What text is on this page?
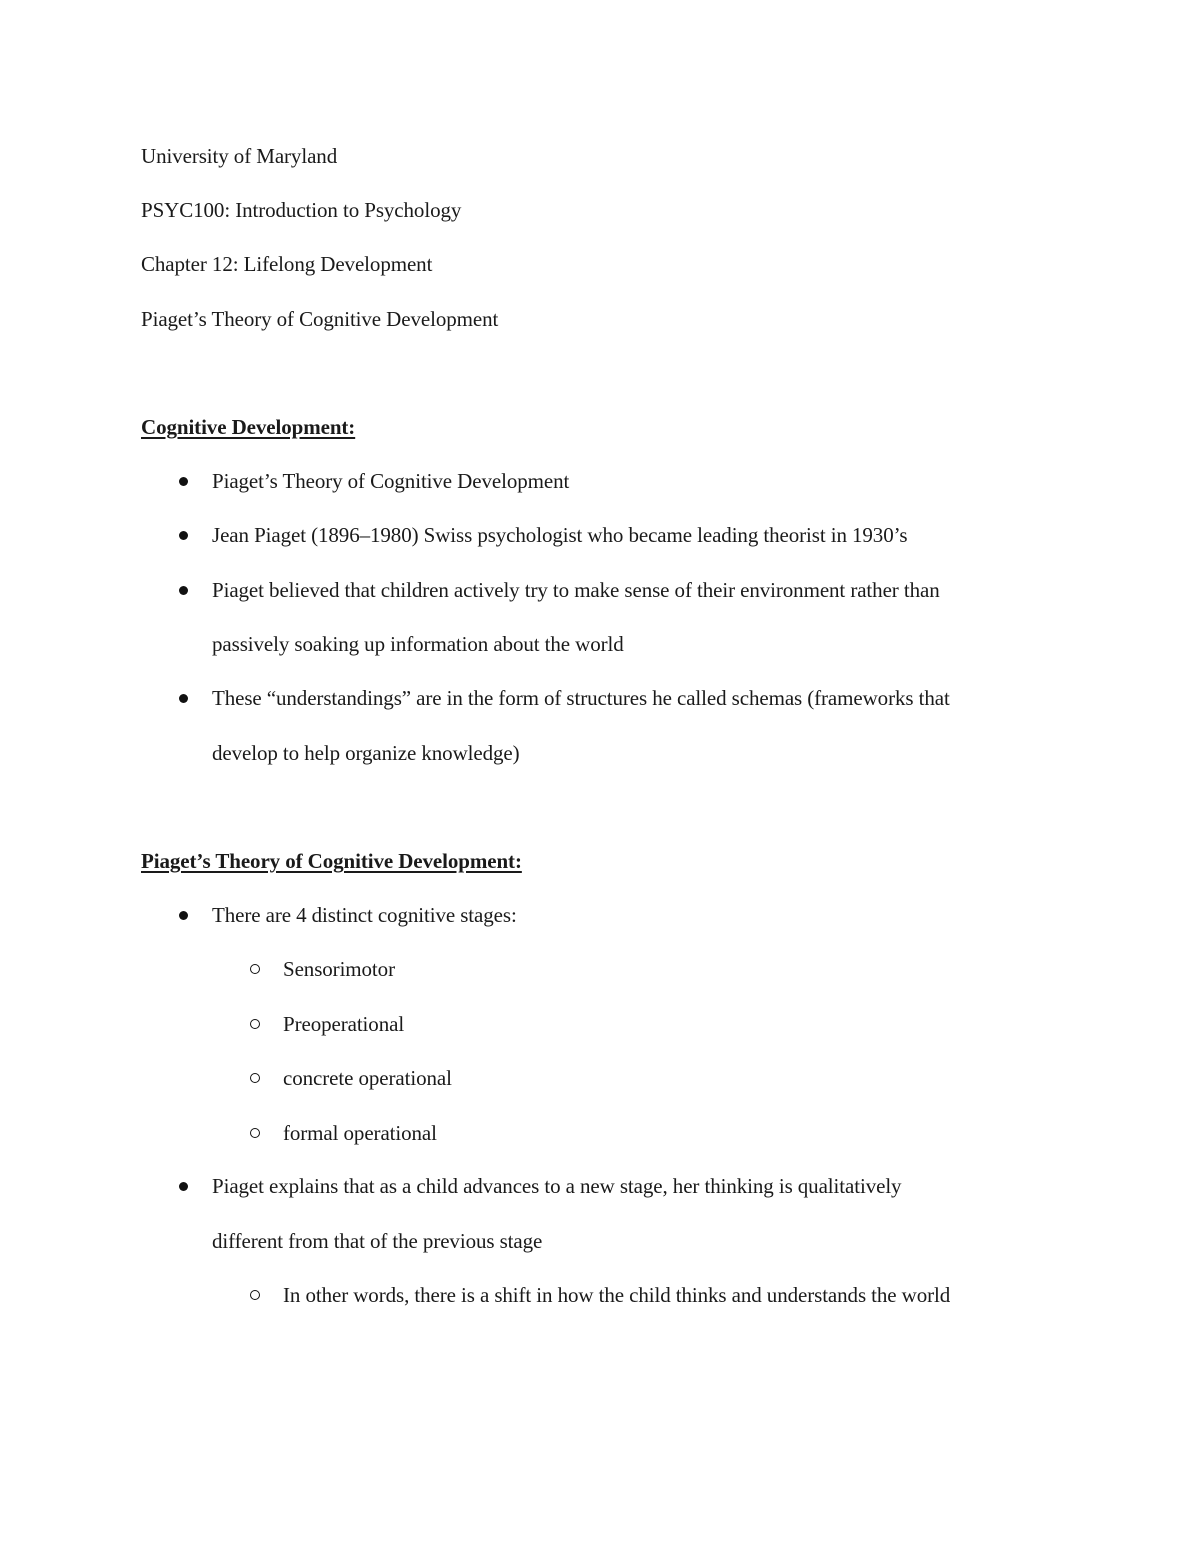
University of Maryland
PSYC100: Introduction to Psychology
Chapter 12: Lifelong Development
Piaget’s Theory of Cognitive Development
Cognitive Development:
Piaget’s Theory of Cognitive Development
Jean Piaget (1896–1980) Swiss psychologist who became leading theorist in 1930’s
Piaget believed that children actively try to make sense of their environment rather than
passively soaking up information about the world
These “understandings” are in the form of structures he called schemas (frameworks that
develop to help organize knowledge)
Piaget’s Theory of Cognitive Development:
There are 4 distinct cognitive stages:
Sensorimotor
Preoperational
concrete operational
formal operational
Piaget explains that as a child advances to a new stage, her thinking is qualitatively
different from that of the previous stage
In other words, there is a shift in how the child thinks and understands the world
